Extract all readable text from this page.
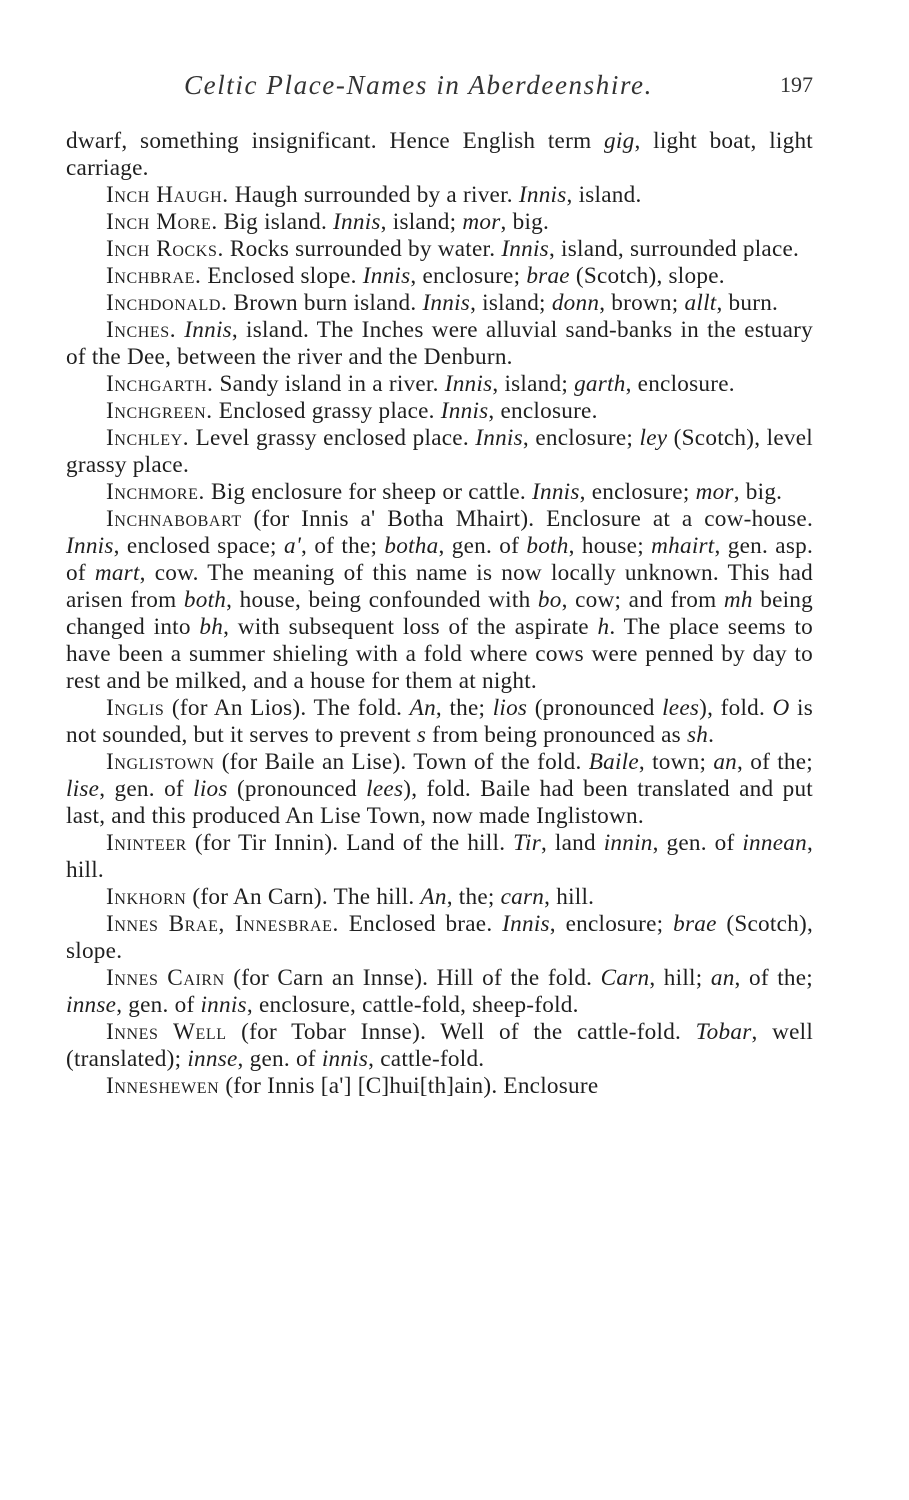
Celtic Place-Names in Aberdeenshire.	197

dwarf, something insignificant. Hence English term gig, light boat, light carriage.

Inch Haugh. Haugh surrounded by a river. Innis, island.

Inch More. Big island. Innis, island; mor, big.

Inch Rocks. Rocks surrounded by water. Innis, island, surrounded place.

Inchbrae. Enclosed slope. Innis, enclosure; brae (Scotch), slope.

Inchdonald. Brown burn island. Innis, island; donn, brown; allt, burn.

Inches. Innis, island. The Inches were alluvial sand-banks in the estuary of the Dee, between the river and the Denburn.

Inchgarth. Sandy island in a river. Innis, island; garth, enclosure.

Inchgreen. Enclosed grassy place. Innis, enclosure.

Inchley. Level grassy enclosed place. Innis, enclosure; ley (Scotch), level grassy place.

Inchmore. Big enclosure for sheep or cattle. Innis, enclosure; mor, big.

Inchnabobart (for Innis a' Botha Mhairt). Enclosure at a cow-house. Innis, enclosed space; a', of the; botha, gen. of both, house; mhairt, gen. asp. of mart, cow. The meaning of this name is now locally unknown. This had arisen from both, house, being confounded with bo, cow; and from mh being changed into bh, with subsequent loss of the aspirate h. The place seems to have been a summer shieling with a fold where cows were penned by day to rest and be milked, and a house for them at night.

Inglis (for An Lios). The fold. An, the; lios (pronounced lees), fold. O is not sounded, but it serves to prevent s from being pronounced as sh.

Inglistown (for Baile an Lise). Town of the fold. Baile, town; an, of the; lise, gen. of lios (pronounced lees), fold. Baile had been translated and put last, and this produced An Lise Town, now made Inglistown.

Ininteer (for Tir Innin). Land of the hill. Tir, land innin, gen. of innean, hill.

Inkhorn (for An Carn). The hill. An, the; carn, hill.

Innes Brae, Innesbrae. Enclosed brae. Innis, enclosure; brae (Scotch), slope.

Innes Cairn (for Carn an Innse). Hill of the fold. Carn, hill; an, of the; innse, gen. of innis, enclosure, cattle-fold, sheep-fold.

Innes Well (for Tobar Innse). Well of the cattle-fold. Tobar, well (translated); innse, gen. of innis, cattle-fold.

Inneshewen (for Innis [a'] [C]hui[th]ain). Enclosure
